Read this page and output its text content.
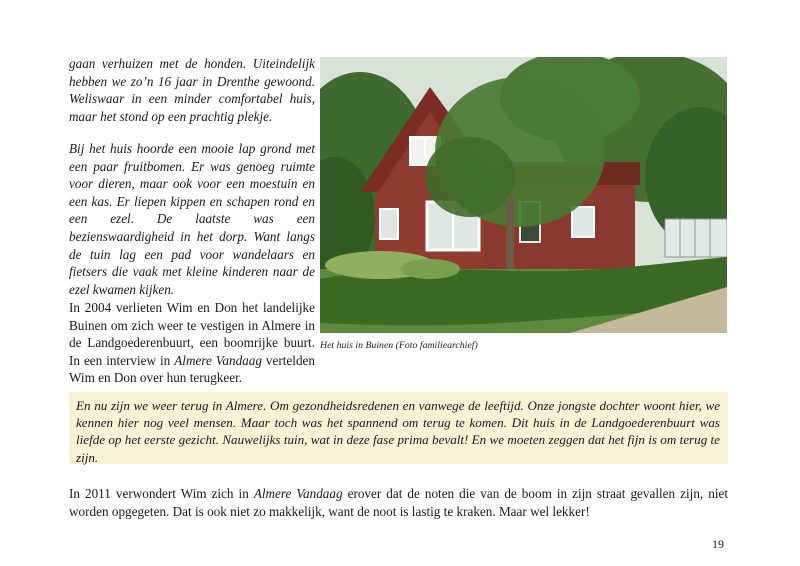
gaan verhuizen met de honden. Uiteindelijk hebben we zo’n 16 jaar in Drenthe gewoond. Weliswaar in een minder comfortabel huis, maar het stond op een prachtig plekje.

Bij het huis hoorde een mooie lap grond met een paar fruitbomen. Er was genoeg ruimte voor dieren, maar ook voor een moestuin en een kas. Er liepen kippen en schapen rond en een ezel. De laatste was een bezienswaardigheid in het dorp. Want langs de tuin lag een pad voor wandelaars en fietsers die vaak met kleine kinderen naar de ezel kwamen kijken.

In 2004 verlieten Wim en Don het landelijke Buinen om zich weer te vestigen in Almere in de Landgoederenbuurt, een boomrijke buurt. In een interview in Almere Vandaag vertelden Wim en Don over hun terugkeer.

Het huis in Buinen (Foto familiearchief)

En nu zijn we weer terug in Almere. Om gezondheidsredenen en vanwege de leeftijd. Onze jongste dochter woont hier, we kennen hier nog veel mensen. Maar toch was het spannend om terug te komen. Dit huis in de Landgoederenbuurt was liefde op het eerste gezicht. Nauwelijks tuin, wat in deze fase prima bevalt! En we moeten zeggen dat het fijn is om terug te zijn.

In 2011 verwondert Wim zich in Almere Vandaag erover dat de noten die van de boom in zijn straat gevallen zijn, niet worden opgegeten. Dat is ook niet zo makkelijk, want de noot is lastig te kraken. Maar wel lekker!

19
